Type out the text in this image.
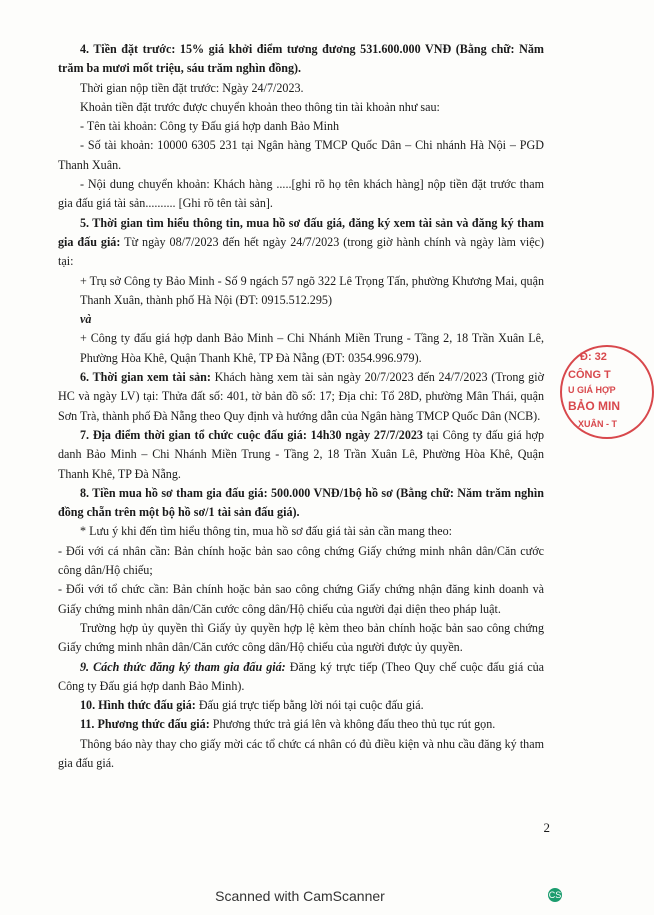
4. Tiền đặt trước: 15% giá khởi điểm tương đương 531.600.000 VNĐ (Bằng chữ: Năm trăm ba mươi mốt triệu, sáu trăm nghìn đồng).

Thời gian nộp tiền đặt trước: Ngày 24/7/2023.

Khoản tiền đặt trước được chuyển khoản theo thông tin tài khoản như sau:

- Tên tài khoản: Công ty Đấu giá hợp danh Bảo Minh

- Số tài khoản: 10000 6305 231 tại Ngân hàng TMCP Quốc Dân – Chi nhánh Hà Nội – PGD Thanh Xuân.

- Nội dung chuyển khoản: Khách hàng .....[ghi rõ họ tên khách hàng] nộp tiền đặt trước tham gia đấu giá tài sản.......... [Ghi rõ tên tài sản].

5. Thời gian tìm hiểu thông tin, mua hồ sơ đấu giá, đăng ký xem tài sản và đăng ký tham gia đấu giá: Từ ngày 08/7/2023 đến hết ngày 24/7/2023 (trong giờ hành chính và ngày làm việc) tại:

+ Trụ sở Công ty Bảo Minh - Số 9 ngách 57 ngõ 322 Lê Trọng Tấn, phường Khương Mai, quận Thanh Xuân, thành phố Hà Nội (ĐT: 0915.512.295)

và

+ Công ty đấu giá hợp danh Bảo Minh – Chi Nhánh Miền Trung - Tầng 2, 18 Trần Xuân Lê, Phường Hòa Khê, Quận Thanh Khê, TP Đà Nẵng (ĐT: 0354.996.979).

6. Thời gian xem tài sản: Khách hàng xem tài sản ngày 20/7/2023 đến 24/7/2023 (Trong giờ HC và ngày LV) tại: Thửa đất số: 401, tờ bản đồ số: 17; Địa chỉ: Tổ 28D, phường Mân Thái, quận Sơn Trà, thành phố Đà Nẵng theo Quy định và hướng dẫn của Ngân hàng TMCP Quốc Dân (NCB).

7. Địa điểm thời gian tổ chức cuộc đấu giá: 14h30 ngày 27/7/2023 tại Công ty đấu giá hợp danh Bảo Minh – Chi Nhánh Miền Trung - Tầng 2, 18 Trần Xuân Lê, Phường Hòa Khê, Quận Thanh Khê, TP Đà Nẵng.

8. Tiền mua hồ sơ tham gia đấu giá: 500.000 VNĐ/1bộ hồ sơ (Bằng chữ: Năm trăm nghìn đồng chẵn trên một bộ hồ sơ/1 tài sản đấu giá).

* Lưu ý khi đến tìm hiểu thông tin, mua hồ sơ đấu giá tài sản cần mang theo:

- Đối với cá nhân cần: Bản chính hoặc bản sao công chứng Giấy chứng minh nhân dân/Căn cước công dân/Hộ chiếu;

- Đối với tổ chức cần: Bản chính hoặc bản sao công chứng Giấy chứng nhận đăng kinh doanh và Giấy chứng minh nhân dân/Căn cước công dân/Hộ chiếu của người đại diện theo pháp luật.

Trường hợp ủy quyền thì Giấy ủy quyền hợp lệ kèm theo bản chính hoặc bản sao công chứng Giấy chứng minh nhân dân/Căn cước công dân/Hộ chiếu của người được ủy quyền.

9. Cách thức đăng ký tham gia đấu giá: Đăng ký trực tiếp (Theo Quy chế cuộc đấu giá của Công ty Đấu giá hợp danh Bảo Minh).

10. Hình thức đấu giá: Đấu giá trực tiếp bằng lời nói tại cuộc đấu giá.

11. Phương thức đấu giá: Phương thức trả giá lên và không đấu theo thủ tục rút gọn.

Thông báo này thay cho giấy mời các tổ chức cá nhân có đủ điều kiện và nhu cầu đăng ký tham gia đấu giá.

2
Đ: 32
CÔNG T
U GIÁ HỢP
BẢO MIN
XUÂN - T
Scanned with CamScanner	CS
